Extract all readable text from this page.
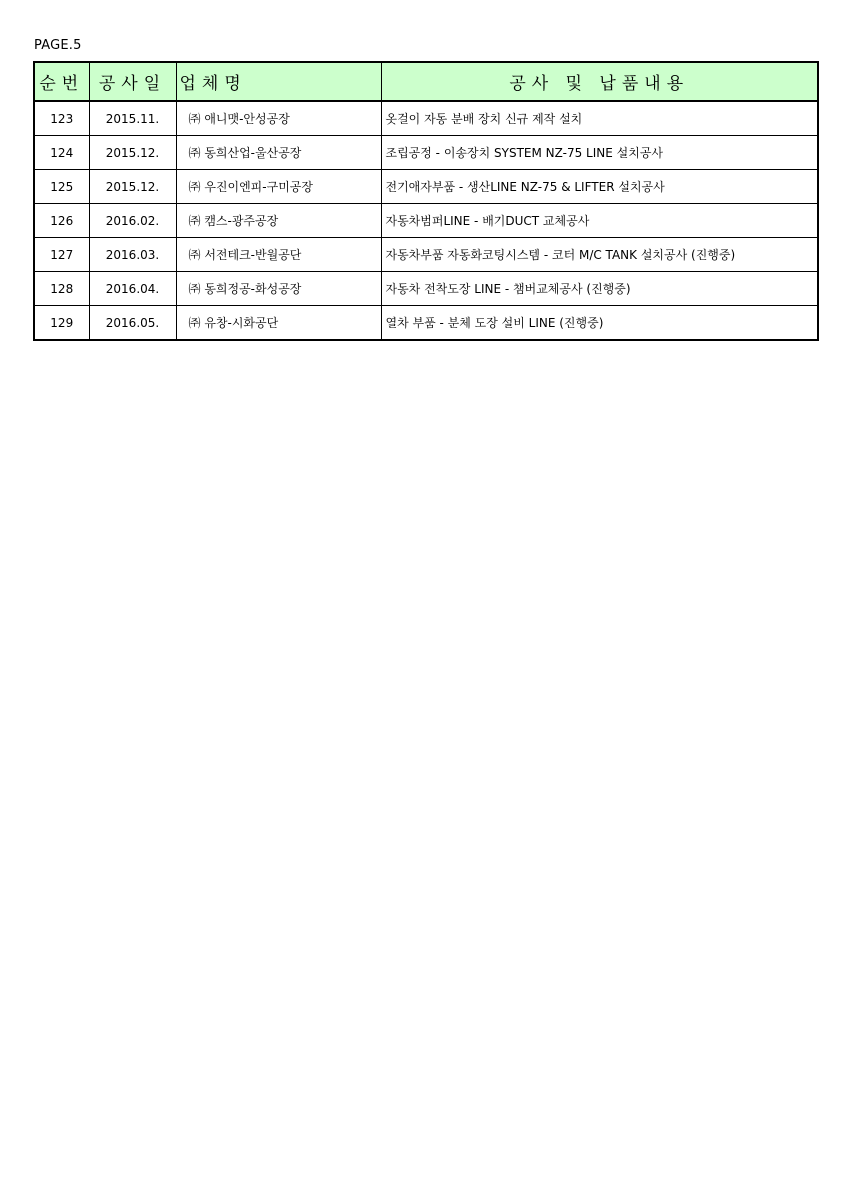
PAGE.5
순번	공사일	업체명	공사 및 납품내용
123	2015.11.	㈜ 애니맷-안성공장	옷걸이 자동 분배 장치 신규 제작 설치
124	2015.12.	㈜ 동희산업-울산공장	조립공정 - 이송장치 SYSTEM NZ-75 LINE 설치공사
125	2015.12.	㈜ 우진이엔피-구미공장	전기애자부품 - 생산LINE NZ-75 & LIFTER 설치공사
126	2016.02.	㈜ 캠스-광주공장	자동차범퍼LINE - 배기DUCT 교체공사
127	2016.03.	㈜ 서전테크-반월공단	자동차부품 자동화코팅시스템 - 코터 M/C TANK 설치공사 (진행중)
128	2016.04.	㈜ 동희정공-화성공장	자동차 전착도장 LINE - 챔버교체공사 (진행중)
129	2016.05.	㈜ 유창-시화공단	열차 부품 - 분체 도장 설비 LINE (진행중)
